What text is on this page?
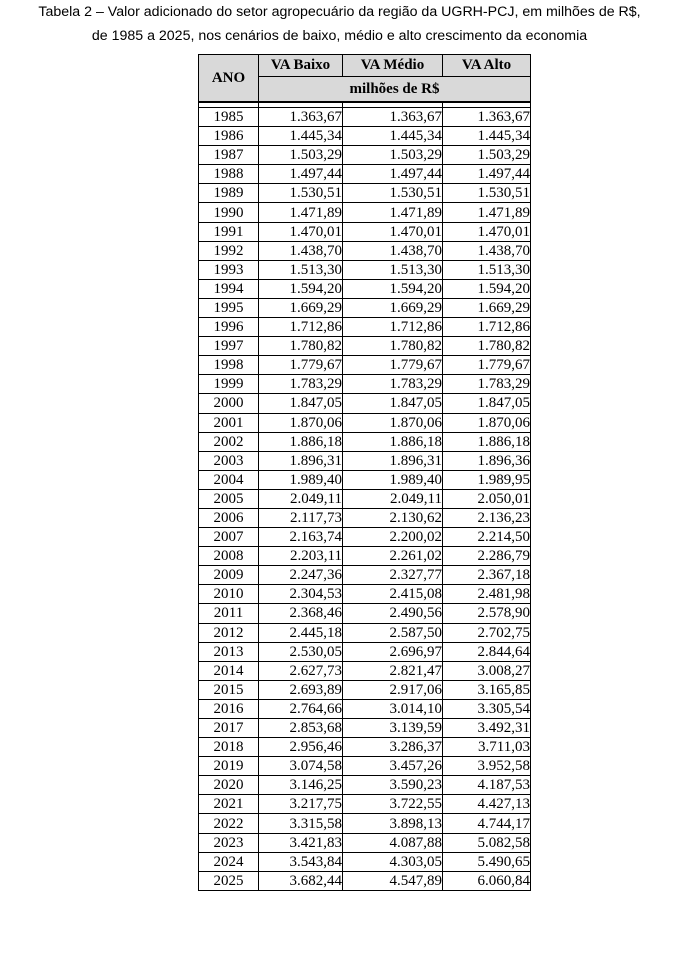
Tabela 2 – Valor adicionado do setor agropecuário da região da UGRH-PCJ, em milhões de R$,
de 1985 a 2025, nos cenários de baixo, médio e alto crescimento da economia
ANO	VA Baixo	VA Médio	VA Alto
	milhões de R$		

1985	1.363,67	1.363,67	1.363,67
1986	1.445,34	1.445,34	1.445,34
1987	1.503,29	1.503,29	1.503,29
1988	1.497,44	1.497,44	1.497,44
1989	1.530,51	1.530,51	1.530,51
1990	1.471,89	1.471,89	1.471,89
1991	1.470,01	1.470,01	1.470,01
1992	1.438,70	1.438,70	1.438,70
1993	1.513,30	1.513,30	1.513,30
1994	1.594,20	1.594,20	1.594,20
1995	1.669,29	1.669,29	1.669,29
1996	1.712,86	1.712,86	1.712,86
1997	1.780,82	1.780,82	1.780,82
1998	1.779,67	1.779,67	1.779,67
1999	1.783,29	1.783,29	1.783,29
2000	1.847,05	1.847,05	1.847,05
2001	1.870,06	1.870,06	1.870,06
2002	1.886,18	1.886,18	1.886,18
2003	1.896,31	1.896,31	1.896,36
2004	1.989,40	1.989,40	1.989,95
2005	2.049,11	2.049,11	2.050,01
2006	2.117,73	2.130,62	2.136,23
2007	2.163,74	2.200,02	2.214,50
2008	2.203,11	2.261,02	2.286,79
2009	2.247,36	2.327,77	2.367,18
2010	2.304,53	2.415,08	2.481,98
2011	2.368,46	2.490,56	2.578,90
2012	2.445,18	2.587,50	2.702,75
2013	2.530,05	2.696,97	2.844,64
2014	2.627,73	2.821,47	3.008,27
2015	2.693,89	2.917,06	3.165,85
2016	2.764,66	3.014,10	3.305,54
2017	2.853,68	3.139,59	3.492,31
2018	2.956,46	3.286,37	3.711,03
2019	3.074,58	3.457,26	3.952,58
2020	3.146,25	3.590,23	4.187,53
2021	3.217,75	3.722,55	4.427,13
2022	3.315,58	3.898,13	4.744,17
2023	3.421,83	4.087,88	5.082,58
2024	3.543,84	4.303,05	5.490,65
2025	3.682,44	4.547,89	6.060,84
